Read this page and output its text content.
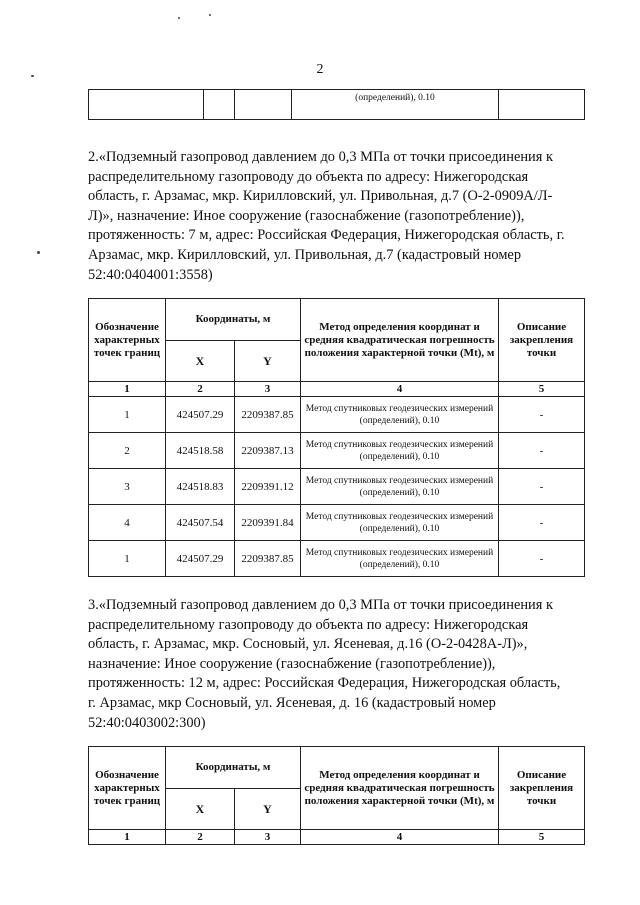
2
			(определений), 0.10	
2.«Подземный газопровод давлением до 0,3 МПа от точки присоединения к
распределительному газопроводу до объекта по адресу: Нижегородская
область, г. Арзамас, мкр. Кирилловский, ул. Привольная, д.7 (О-2-0909А/Л-
Л)», назначение: Иное сооружение (газоснабжение (газопотребление)),
протяженность: 7 м, адрес: Российская Федерация, Нижегородская область, г.
Арзамас, мкр. Кирилловский, ул. Привольная, д.7 (кадастровый номер
52:40:0404001:3558)
Обозначение характерных точек границ	Координаты, м		Метод определения координат и средняя квадратическая погрешность положения характерной точки (Mt), м	Описание закрепления точки
	X	Y		
1	2	3	4	5
1	424507.29	2209387.85	Метод спутниковых геодезических измерений (определений), 0.10	-
2	424518.58	2209387.13	Метод спутниковых геодезических измерений (определений), 0.10	-
3	424518.83	2209391.12	Метод спутниковых геодезических измерений (определений), 0.10	-
4	424507.54	2209391.84	Метод спутниковых геодезических измерений (определений), 0.10	-
1	424507.29	2209387.85	Метод спутниковых геодезических измерений (определений), 0.10	-
3.«Подземный газопровод давлением до 0,3 МПа от точки присоединения к
распределительному газопроводу до объекта по адресу: Нижегородская
область, г. Арзамас, мкр. Сосновый, ул. Ясеневая, д.16 (О-2-0428А-Л)»,
назначение: Иное сооружение (газоснабжение (газопотребление)),
протяженность: 12 м, адрес: Российская Федерация, Нижегородская область,
г. Арзамас, мкр Сосновый, ул. Ясеневая, д. 16 (кадастровый номер
52:40:0403002:300)
Обозначение характерных точек границ	Координаты, м		Метод определения координат и средняя квадратическая погрешность положения характерной точки (Mt), м	Описание закрепления точки
	X	Y		
1	2	3	4	5
